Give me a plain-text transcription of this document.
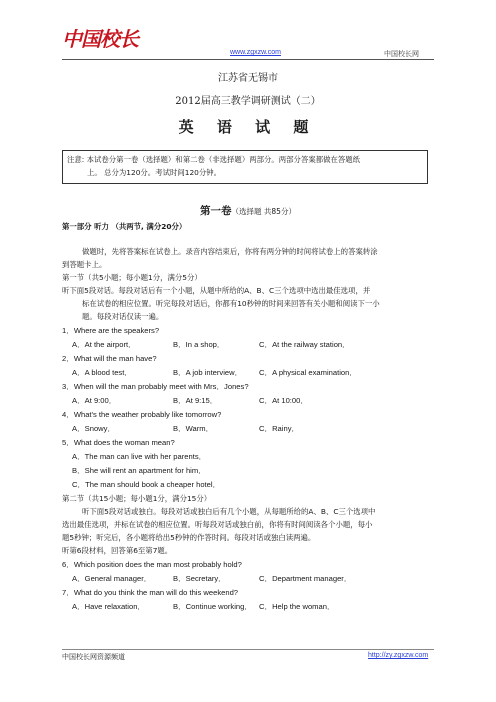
中国校长
www.zgxzw.com	中国校长网
江苏省无锡市
2012届高三教学调研测试（二）
英 语 试 题
注意: 本试卷分第一卷（选择题）和第二卷（非选择题）两部分。两部分答案都做在答题纸
上。 总分为120分。考试时间120分钟。
第一卷（选择题 共85分）
第一部分 听力 （共两节, 满分20分）
做题时，先将答案标在试卷上。录音内容结束后，你将有两分钟的时间将试卷上的答案转涂
到答题卡上。
第一节（共5小题；每小题1分，满分5分）
听下面5段对话。每段对话后有一个小题，从题中所给的A、B、C三个选项中选出最佳选项，并
标在试卷的相应位置。听完每段对话后，你都有10秒钟的时间来回答有关小题和阅读下一小
题。每段对话仅读一遍。
1．Where are the speakers?
A．At the airport．	B．In a shop．	C．At the railway station．
2．What will the man have?
A．A blood test．	B．A job interview． C．A physical examination．
3．When will the man probably meet with Mrs．Jones?
A．At 9:00．	B．At 9:15．	C．At 10:00．
4．What's the weather probably like tomorrow?
A．Snowy．	B．Warm．	C．Rainy．
5．What does the woman mean?
A．The man can live with her parents．
B．She will rent an apartment for him．
C．The man should book a cheaper hotel．
第二节（共15小题；每小题1分，满分15分）
听下面5段对话或独白。每段对话或独白后有几个小题，从每题所给的A、B、C三个选项中
选出最佳选项，并标在试卷的相应位置。听每段对话或独白前，你将有时间阅读各个小题，每小
题5秒钟；听完后，各小题将给出5秒钟的作答时间。每段对话或独白读两遍。
听第6段材料，回答第6至第7题。
6．Which position does the man most probably hold?
A．General manager．	B．Secretary．	C．Department manager．
7．What do you think the man will do this weekend?
A．Have relaxation．	B．Continue working． C．Help the woman．
中国校长网资源频道	http://zy.zgxzw.com
